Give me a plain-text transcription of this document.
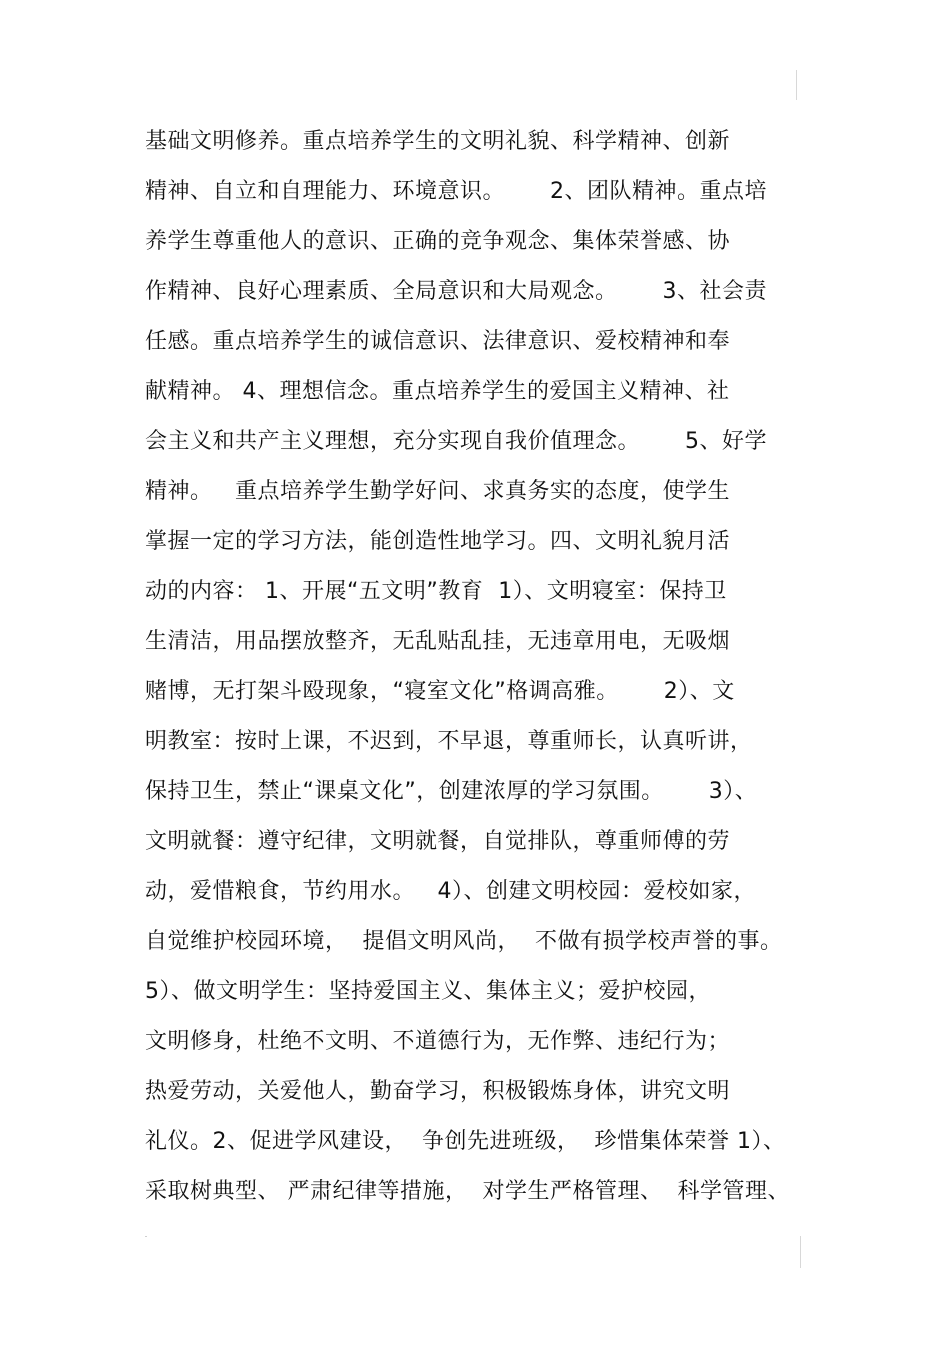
基础文明修养。重点培养学生的文明礼貌、科学精神、创新
精神、自立和自理能力、环境意识。      2、团队精神。重点培
养学生尊重他人的意识、正确的竞争观念、集体荣誉感、协
作精神、良好心理素质、全局意识和大局观念。      3、社会责
任感。重点培养学生的诚信意识、法律意识、爱校精神和奉
献精神。 4、理想信念。重点培养学生的爱国主义精神、社
会主义和共产主义理想，充分实现自我价值理念。      5、好学
精神。   重点培养学生勤学好问、求真务实的态度，使学生
掌握一定的学习方法，能创造性地学习。四、文明礼貌月活
动的内容： 1、开展“五文明”教育  1）、文明寝室：保持卫
生清洁，用品摆放整齐，无乱贴乱挂，无违章用电，无吸烟
赌博，无打架斗殴现象，“寝室文化”格调高雅。      2）、文
明教室：按时上课，不迟到，不早退，尊重师长，认真听讲，
保持卫生，禁止“课桌文化”，创建浓厚的学习氛围。      3）、
文明就餐：遵守纪律，文明就餐，自觉排队，尊重师傅的劳
动，爱惜粮食，节约用水。   4）、创建文明校园：爱校如家，
自觉维护校园环境，  提倡文明风尚，  不做有损学校声誉的事。
5）、做文明学生：坚持爱国主义、集体主义；爱护校园，
文明修身，杜绝不文明、不道德行为，无作弊、违纪行为；
热爱劳动，关爱他人，勤奋学习，积极锻炼身体，讲究文明
礼仪。2、促进学风建设，  争创先进班级，  珍惜集体荣誉 1）、
采取树典型、 严肃纪律等措施，  对学生严格管理、  科学管理、
